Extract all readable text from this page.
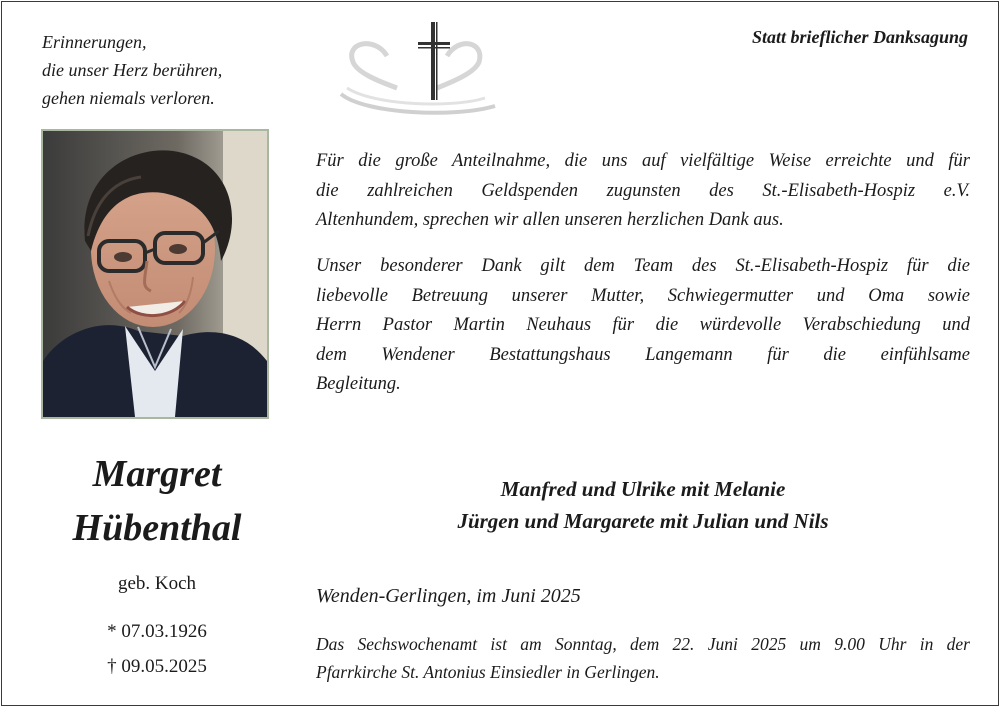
Erinnerungen,
die unser Herz berühren,
gehen niemals verloren.
Statt brieflicher Danksagung
Margret
Hübenthal
geb. Koch
* 07.03.1926
† 09.05.2025
Für die große Anteilnahme, die uns auf vielfältige Weise erreichte und für
die zahlreichen Geldspenden zugunsten des St.-Elisabeth-Hospiz e.V.
Altenhundem, sprechen wir allen unseren herzlichen Dank aus.
Unser besonderer Dank gilt dem Team des St.-Elisabeth-Hospiz für die
liebevolle Betreuung unserer Mutter, Schwiegermutter und Oma sowie
Herrn Pastor Martin Neuhaus für die würdevolle Verabschiedung und
dem Wendener Bestattungshaus Langemann für die einfühlsame
Begleitung.
Manfred und Ulrike mit Melanie
Jürgen und Margarete mit Julian und Nils
Wenden-Gerlingen, im Juni 2025
Das Sechswochenamt ist am Sonntag, dem 22. Juni 2025 um 9.00 Uhr in der
Pfarrkirche St. Antonius Einsiedler in Gerlingen.
